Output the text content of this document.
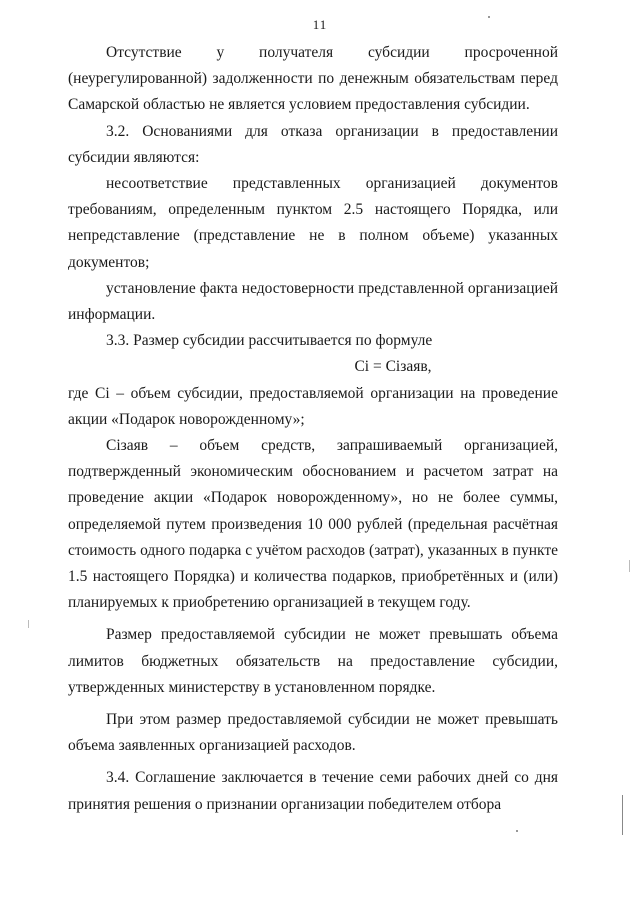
11

Отсутствие у получателя субсидии просроченной (неурегулированной) задолженности по денежным обязательствам перед Самарской областью не является условием предоставления субсидии.

3.2. Основаниями для отказа организации в предоставлении субсидии являются:

несоответствие представленных организацией документов требованиям, определенным пунктом 2.5 настоящего Порядка, или непредставление (представление не в полном объеме) указанных документов;

установление факта недостоверности представленной организацией информации.

3.3. Размер субсидии рассчитывается по формуле

Ci = Ciзаяв,

где Ci – объем субсидии, предоставляемой организации на проведение акции «Подарок новорожденному»;

Ciзаяв – объем средств, запрашиваемый организацией, подтвержденный экономическим обоснованием и расчетом затрат на проведение акции «Подарок новорожденному», но не более суммы, определяемой путем произведения 10 000 рублей (предельная расчётная стоимость одного подарка с учётом расходов (затрат), указанных в пункте 1.5 настоящего Порядка) и количества подарков, приобретённых и (или) планируемых к приобретению организацией в текущем году.

Размер предоставляемой субсидии не может превышать объема лимитов бюджетных обязательств на предоставление субсидии, утвержденных министерству в установленном порядке.

При этом размер предоставляемой субсидии не может превышать объема заявленных организацией расходов.

3.4. Соглашение заключается в течение семи рабочих дней со дня принятия решения о признании организации победителем отбора
